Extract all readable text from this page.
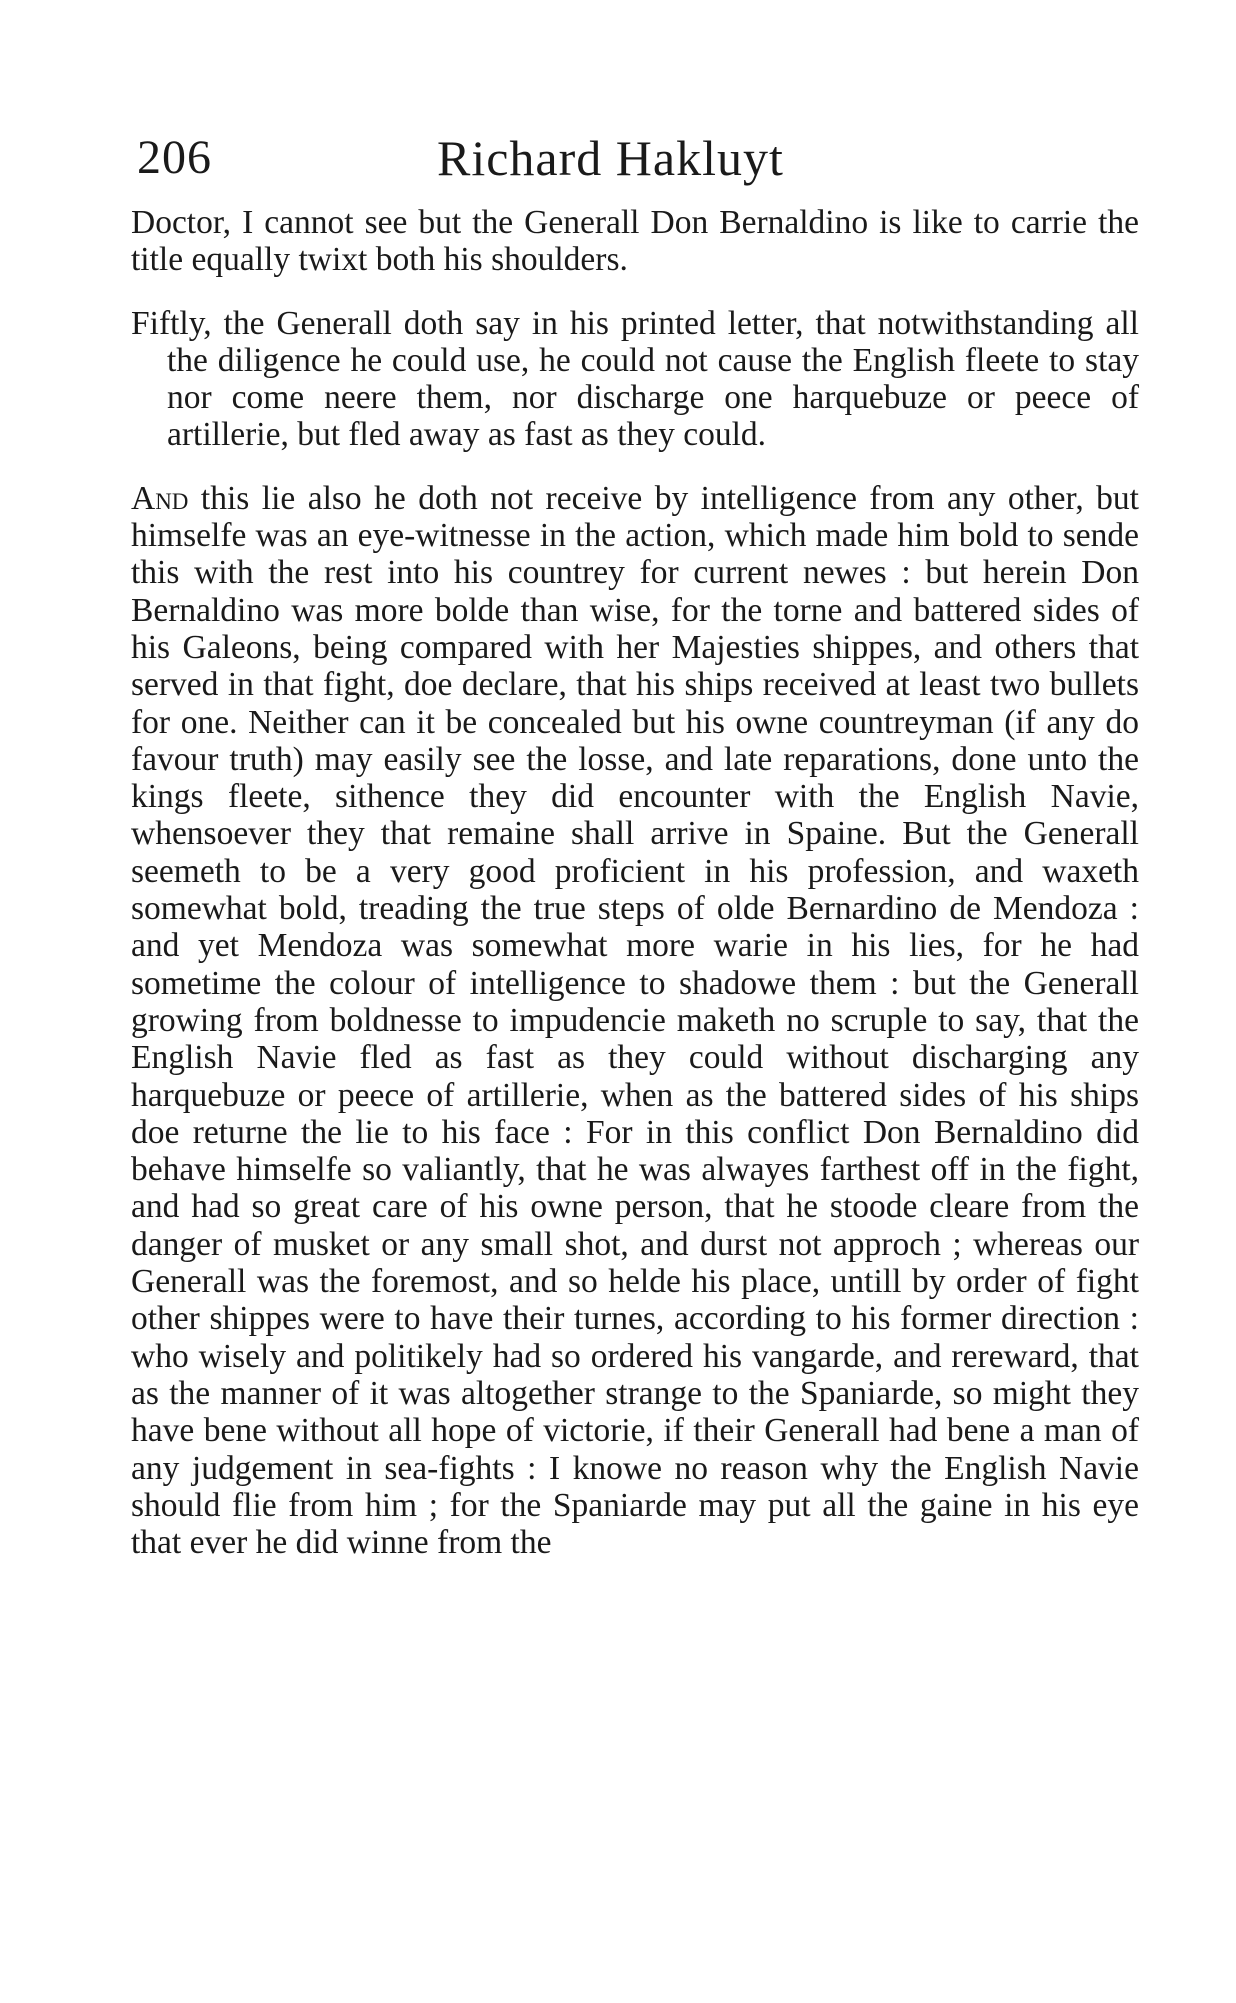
206	Richard Hakluyt

Doctor, I cannot see but the Generall Don Bernaldino is like to carrie the title equally twixt both his shoulders.

Fiftly, the Generall doth say in his printed letter, that notwithstanding all the diligence he could use, he could not cause the English fleete to stay nor come neere them, nor discharge one harquebuze or peece of artillerie, but fled away as fast as they could.

And this lie also he doth not receive by intelligence from any other, but himselfe was an eye-witnesse in the action, which made him bold to sende this with the rest into his countrey for current newes : but herein Don Bernaldino was more bolde than wise, for the torne and battered sides of his Galeons, being compared with her Majesties shippes, and others that served in that fight, doe declare, that his ships received at least two bullets for one. Neither can it be concealed but his owne countreyman (if any do favour truth) may easily see the losse, and late reparations, done unto the kings fleete, sithence they did encounter with the English Navie, whensoever they that remaine shall arrive in Spaine. But the Generall seemeth to be a very good proficient in his profession, and waxeth somewhat bold, treading the true steps of olde Bernardino de Mendoza : and yet Mendoza was somewhat more warie in his lies, for he had sometime the colour of intelligence to shadowe them : but the Generall growing from boldnesse to impudencie maketh no scruple to say, that the English Navie fled as fast as they could without discharging any harquebuze or peece of artillerie, when as the battered sides of his ships doe returne the lie to his face : For in this conflict Don Bernaldino did behave himselfe so valiantly, that he was alwayes farthest off in the fight, and had so great care of his owne person, that he stoode cleare from the danger of musket or any small shot, and durst not approch ; whereas our Generall was the foremost, and so helde his place, untill by order of fight other shippes were to have their turnes, according to his former direction : who wisely and politikely had so ordered his vangarde, and rereward, that as the manner of it was altogether strange to the Spaniarde, so might they have bene without all hope of victorie, if their Generall had bene a man of any judgement in sea-fights : I knowe no reason why the English Navie should flie from him ; for the Spaniarde may put all the gaine in his eye that ever he did winne from the
